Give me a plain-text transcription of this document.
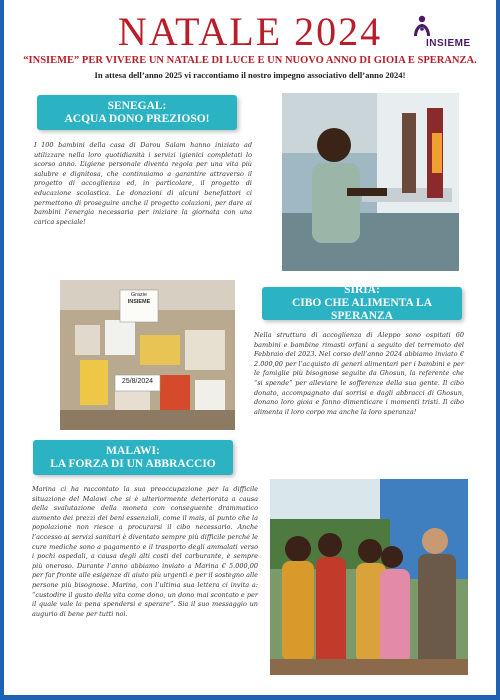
NATALE 2024	INSIEME
“INSIEME” PER VIVERE UN NATALE DI LUCE E UN NUOVO ANNO DI GIOIA E SPERANZA.
In attesa dell’anno 2025 vi raccontiamo il nostro impegno associativo dell’anno 2024!
SENEGAL:
ACQUA DONO PREZIOSO!

I 100 bambini della casa di Darou Salam hanno iniziato ad utilizzare nella loro quotidianità i servizi igienici completati lo scorso anno. L’igiene personale diventa regola per una vita più salubre e dignitosa, che continuiamo a garantire attraverso il progetto di accoglienza ed, in particolare, il progetto di educazione scolastica. Le donazioni di alcuni benefattori ci permettono di proseguire anche il progetto colazioni, per dare ai bambini l’energia necessaria per iniziare la giornata con una carica speciale!

Grazie
INSIEME
25/8/2024
SIRIA:
CIBO CHE ALIMENTA LA SPERANZA

Nella struttura di accoglienza di Aleppo sono ospitati 60 bambini e bambine rimasti orfani a seguito del terremoto del Febbraio del 2023. Nel corso dell’anno 2024 abbiamo inviato € 2.000,00 per l’acquisto di generi alimentari per i bambini e per le famiglie più bisognose seguite da Ghosun, la referente che “si spende” per alleviare le sofferenze della sua gente. Il cibo donato, accompagnato dai sorrisi e dagli abbracci di Ghosun, donano loro gioia e fanno dimenticare i momenti tristi. Il cibo alimenta il loro corpo ma anche la loro speranza!

MALAWI:
LA FORZA DI UN ABBRACCIO

Marina ci ha raccontato la sua preoccupazione per la difficile situazione del Malawi che si è ulteriormente deteriorata a causa della svalutazione della moneta con conseguente drammatico aumento dei prezzi dei beni essenziali, come il mais, al punto che la popolazione non riesce a procurarsi il cibo necessario. Anche l’accesso ai servizi sanitari è diventato sempre più difficile perché le cure mediche sono a pagamento e il trasporto degli ammalati verso i pochi ospedali, a causa degli alti costi del carburante, è sempre più oneroso. Durante l’anno abbiamo inviato a Marina € 5.000,00 per far fronte alle esigenze di aiuto più urgenti e per il sostegno alle persone più bisognose. Marina, con l’ultima sua lettera ci invita a: “custodire il gusto della vita come dono, un dono mai scontato e per il quale vale la pena spendersi e sperare”. Sia il suo messaggio un augurio di bene per tutti noi.
